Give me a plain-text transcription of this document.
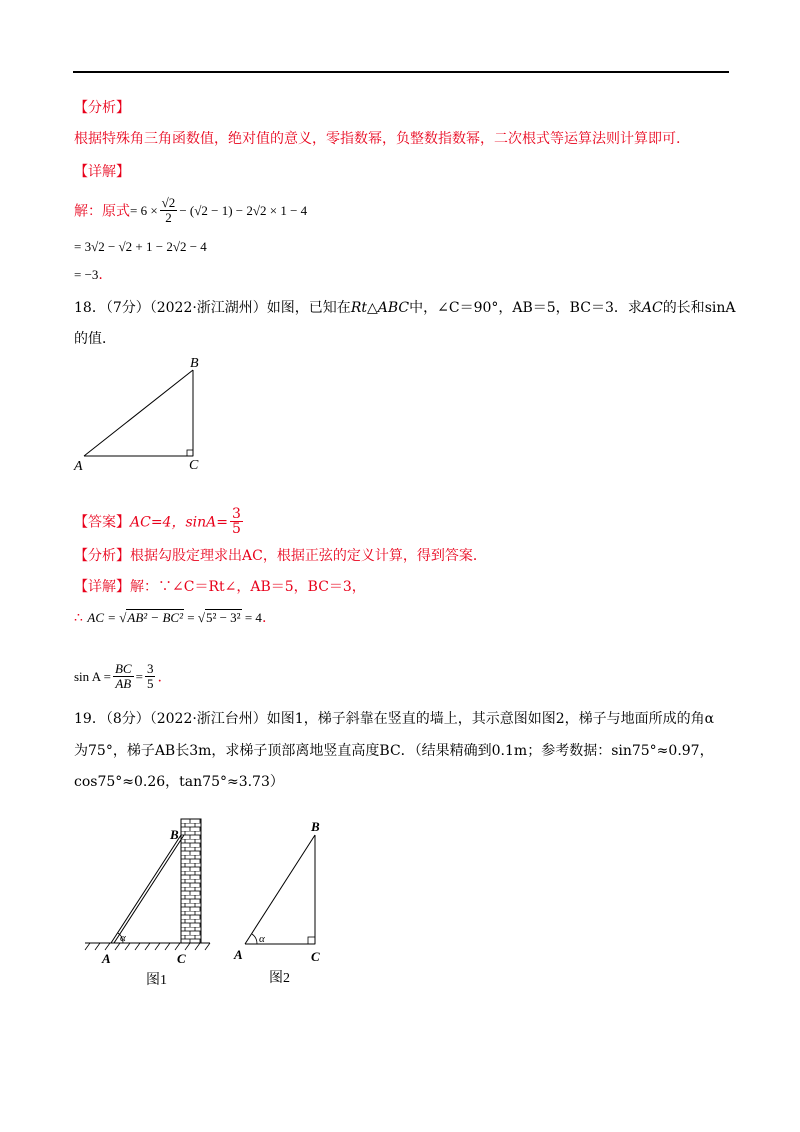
【分析】
根据特殊角三角函数值，绝对值的意义，零指数幂，负整数指数幂，二次根式等运算法则计算即可.
【详解】
解：原式= $6 \times \frac{√2}{2} - (√2 - 1) - 2√2 \times 1 - 4$
= 3√2 − √2 + 1 − 2√2 − 4
= −3.
18．（7分）（2022·浙江湖州）如图，已知在Rt△ABC中，∠C＝90°，AB＝5，BC＝3．求AC的长和sinA
的值．
A
B
C
【答案】AC=4，$\sin A= \frac{3}{5}$
【分析】根据勾股定理求出AC，根据正弦的定义计算，得到答案．
【详解】解：∵∠C＝Rt∠，AB＝5，BC＝3，
∴ AC = √AB² − BC² = √5² − 3² = 4.
$\sin A = \frac{BC}{AB} = \frac{3}{5}$ .
19．（8分）（2022·浙江台州）如图1，梯子斜靠在竖直的墙上，其示意图如图2，梯子与地面所成的角α
为75°，梯子AB长3m，求梯子顶部离地竖直高度BC．（结果精确到0.1m；参考数据：sin75°≈0.97，
cos75°≈0.26，tan75°≈3.73）
α
B
A	C
图1
α
B
A	C
图2
